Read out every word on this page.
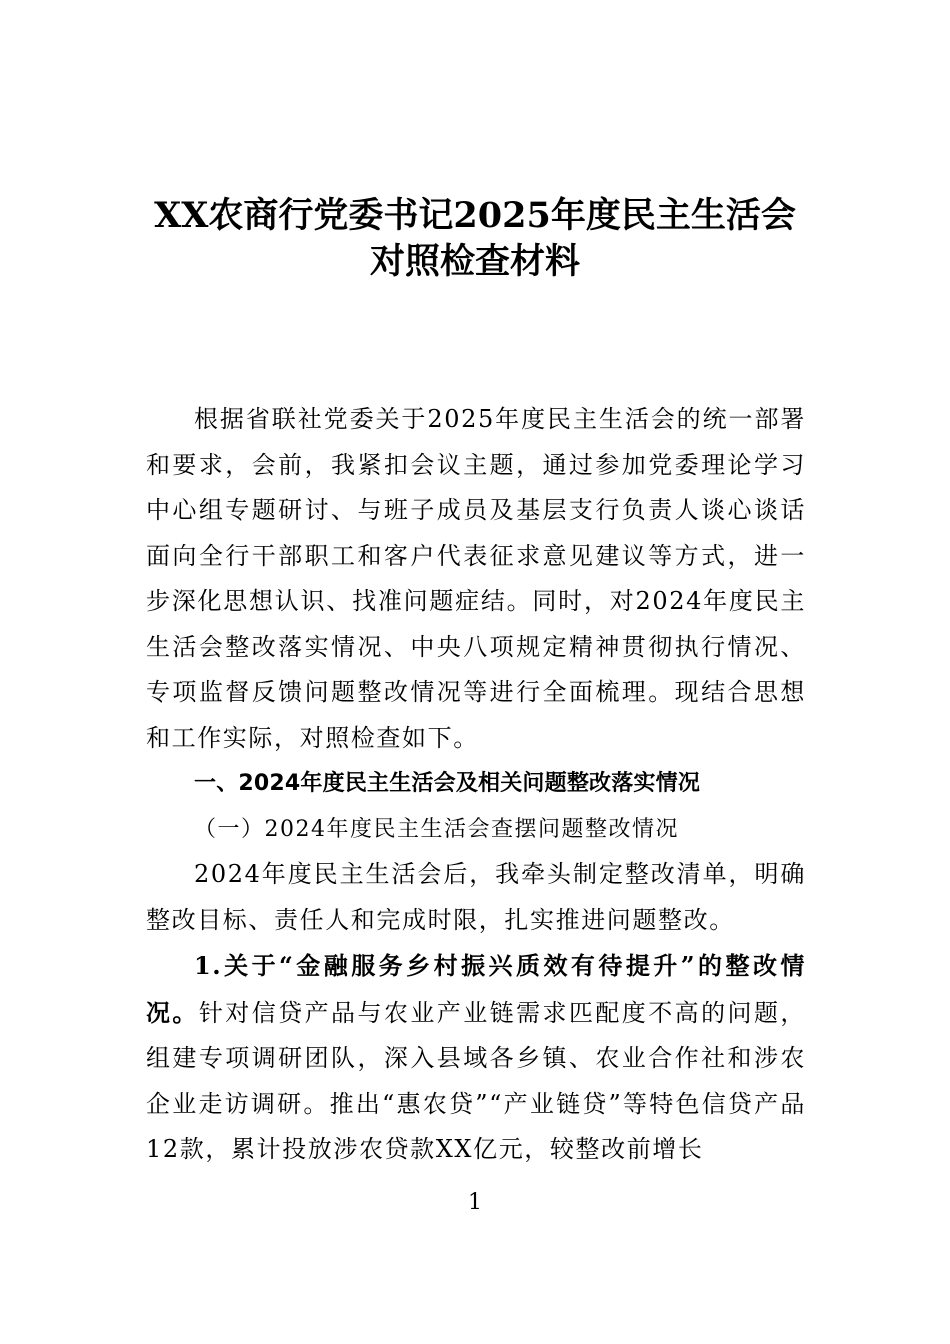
XX农商行党委书记2025年度民主生活会
对照检查材料

根据省联社党委关于2025年度民主生活会的统一部署和要求，会前，我紧扣会议主题，通过参加党委理论学习中心组专题研讨、与班子成员及基层支行负责人谈心谈话面向全行干部职工和客户代表征求意见建议等方式，进一步深化思想认识、找准问题症结。同时，对2024年度民主生活会整改落实情况、中央八项规定精神贯彻执行情况、专项监督反馈问题整改情况等进行全面梳理。现结合思想和工作实际，对照检查如下。

一、2024年度民主生活会及相关问题整改落实情况

（一）2024年度民主生活会查摆问题整改情况

2024年度民主生活会后，我牵头制定整改清单，明确整改目标、责任人和完成时限，扎实推进问题整改。

1.关于“金融服务乡村振兴质效有待提升”的整改情况。针对信贷产品与农业产业链需求匹配度不高的问题，组建专项调研团队，深入县域各乡镇、农业合作社和涉农企业走访调研。推出“惠农贷”“产业链贷”等特色信贷产品12款，累计投放涉农贷款XX亿元，较整改前增长

1
